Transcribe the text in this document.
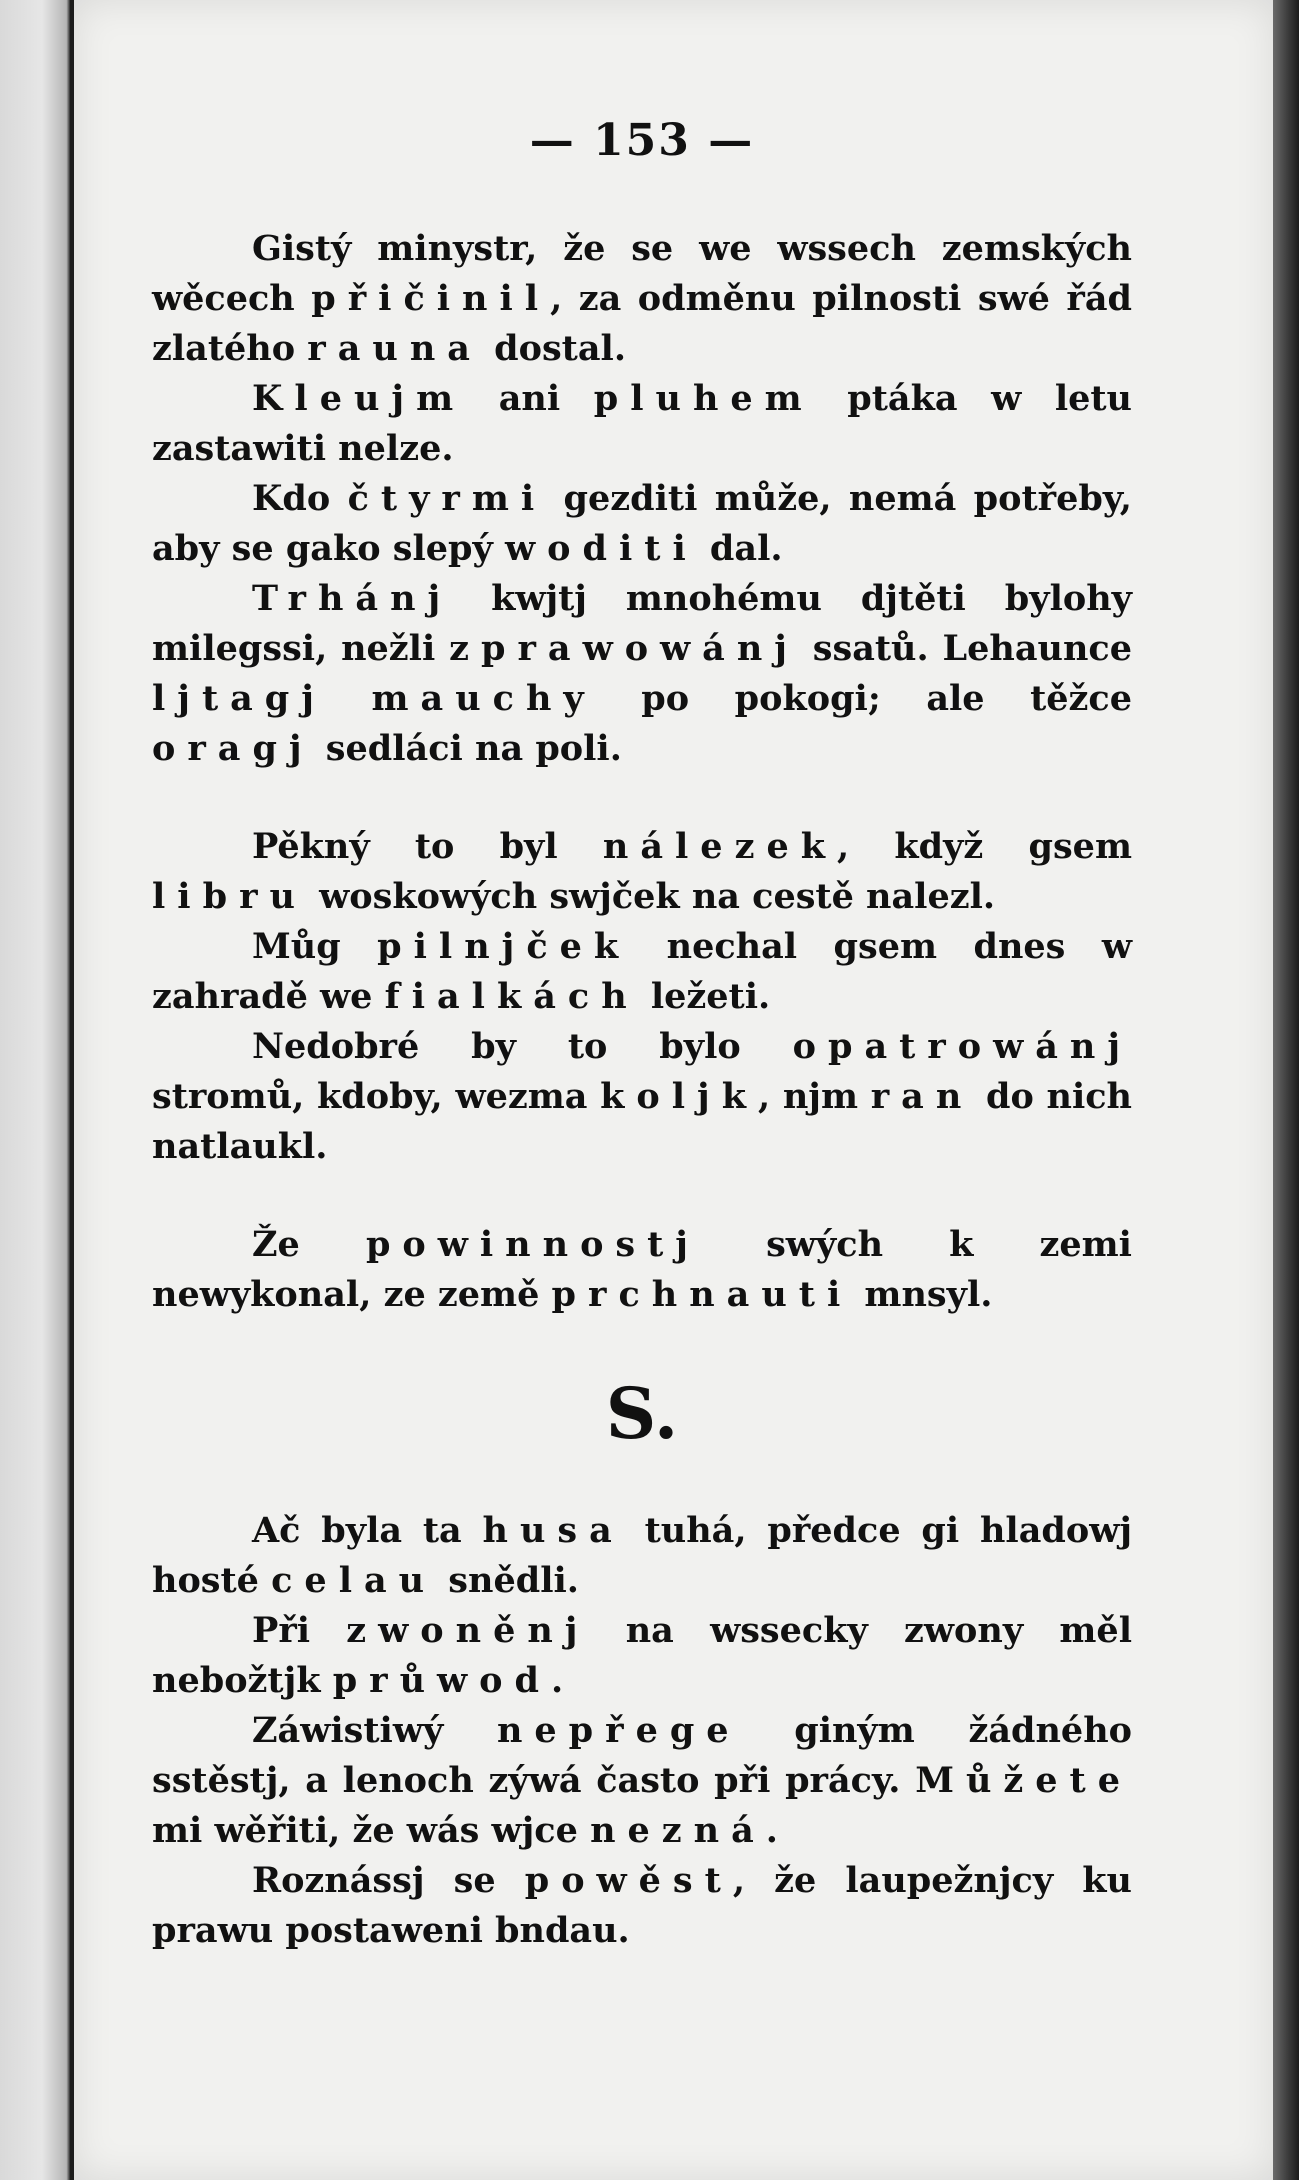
— 153 —

Gistý minystr, že se we wssech zemských wěcech přičinil, za odměnu pilnosti swé řád zlatého rauna dostal.

Kleujm ani pluhem ptáka w letu zastawiti nelze.

Kdo čtyrmi gezditi může, nemá potřeby, aby se gako slepý woditi dal.

Trhánj kwjtj mnohému djtěti bylohy milegssi, nežli zprawowánj ssatů. Lehaunce ljtagj mauchy po pokogi; ale těžce oragj sedláci na poli.

Pěkný to byl nálezek, když gsem libru woskowých swjček na cestě nalezl.

Můg pilnjček nechal gsem dnes w zahradě we fialkách ležeti.

Nedobré by to bylo opatrowánj stromů, kdoby, wezma koljk, njm ran do nich natlaukl.

Že powinnostj swých k zemi newykonal, ze země prchnauti mnsyl.

S.

Ač byla ta husa tuhá, předce gi hladowj hosté celau snědli.

Při zwoněnj na wssecky zwony měl nebožtjk průwod.

Záwistiwý nepřege giným žádného sstěstj, a lenoch zýwá často při prácy. Můžete mi wěřiti, že wás wjce nezná.

Roznássj se powěst, že laupežnjcy ku prawu postaweni bndau.
